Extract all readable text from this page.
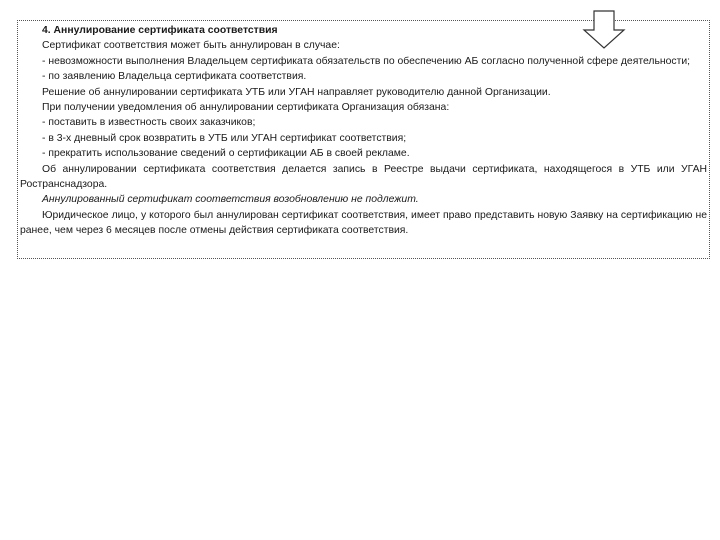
4. Аннулирование сертификата соответствия

Сертификат соответствия может быть аннулирован в случае:

- невозможности выполнения Владельцем сертификата обязательств по обеспечению АБ согласно полученной сфере деятельности;

- по заявлению Владельца сертификата соответствия.

Решение об аннулировании сертификата УТБ или УГАН направляет руководителю данной Организации.

При получении уведомления об аннулировании сертификата Организация обязана:

- поставить в известность своих заказчиков;

- в 3-х дневный срок возвратить в УТБ или УГАН сертификат соответствия;

- прекратить использование сведений о сертификации АБ в своей рекламе.

Об аннулировании сертификата соответствия делается запись в Реестре выдачи сертификата, находящегося в УТБ или УГАН Ространснадзора.

Аннулированный сертификат соответствия возобновлению не подлежит.

Юридическое лицо, у которого был аннулирован сертификат соответствия, имеет право представить новую Заявку на сертификацию не ранее, чем через 6 месяцев после отмены действия сертификата соответствия.
